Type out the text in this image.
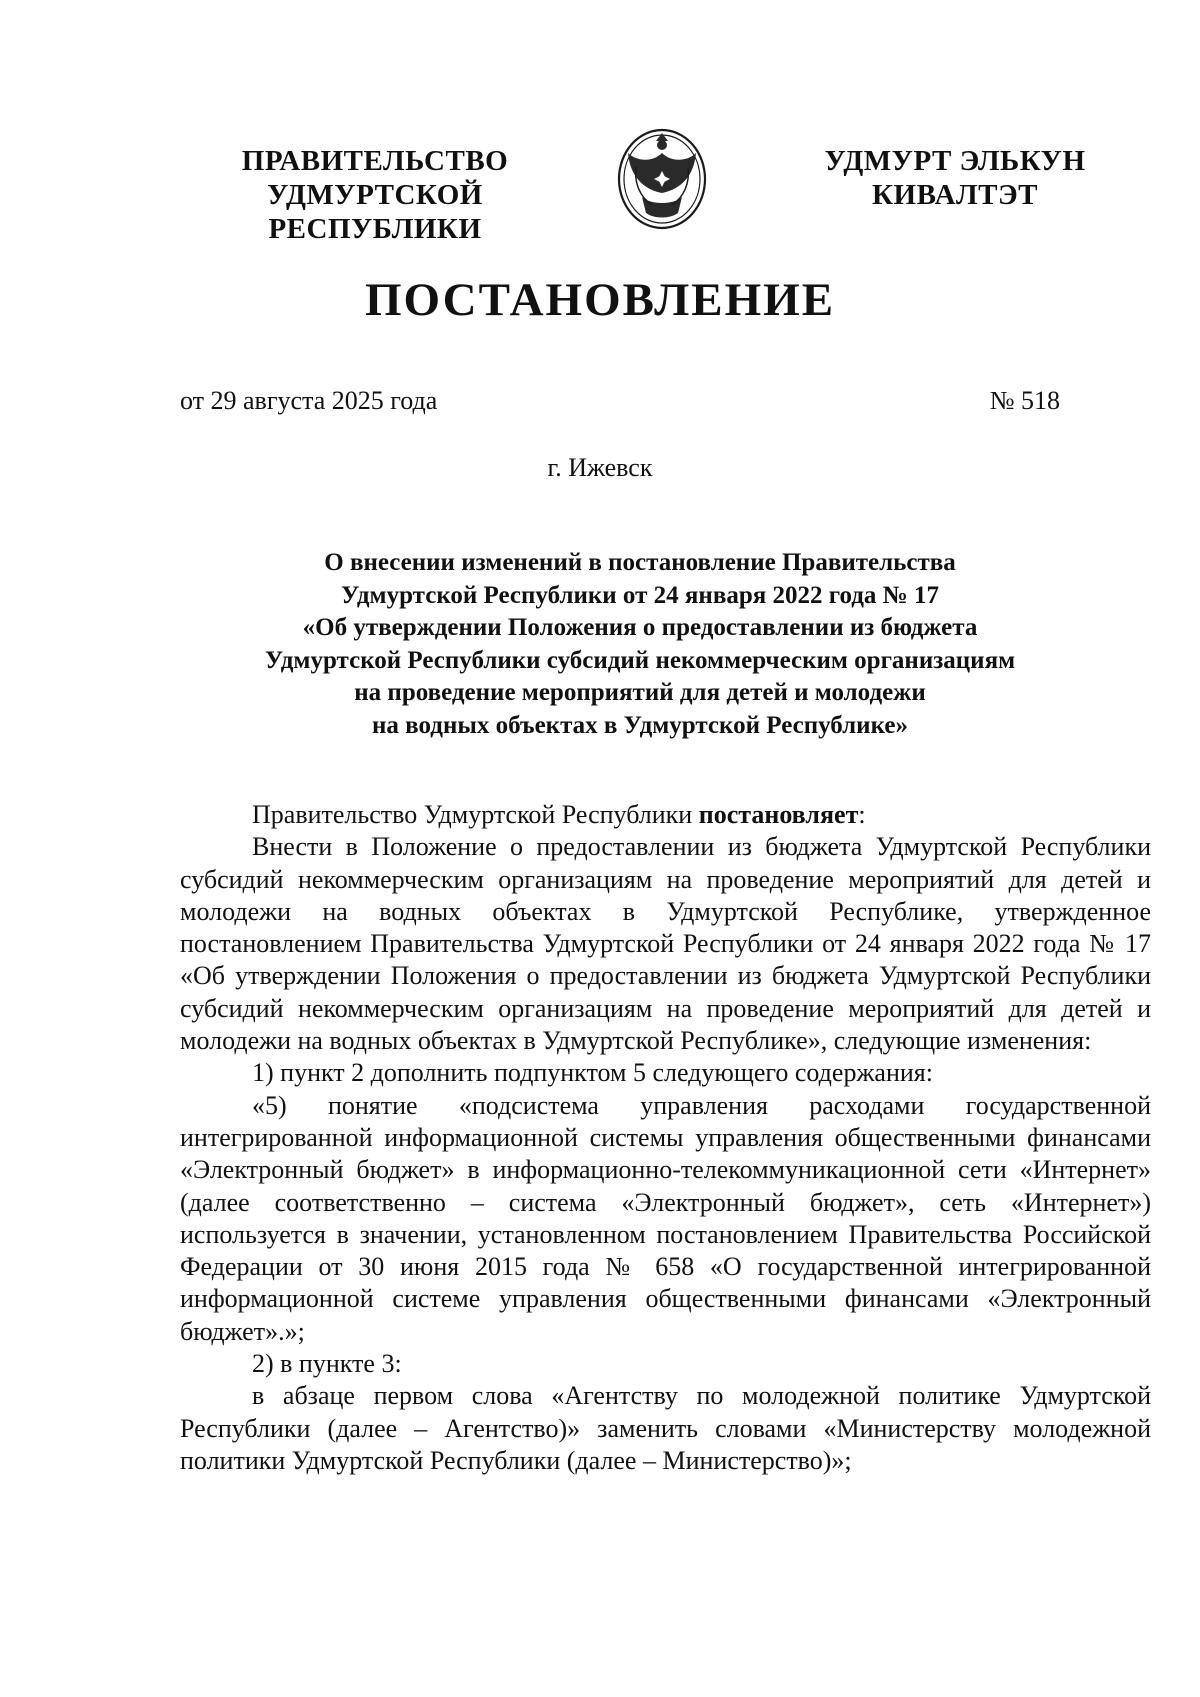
ПРАВИТЕЛЬСТВО
УДМУРТСКОЙ РЕСПУБЛИКИ
УДМУРТ ЭЛЬКУН
КИВАЛТЭТ
ПОСТАНОВЛЕНИЕ
от 29 августа 2025 года	№ 518
г. Ижевск
О внесении изменений в постановление Правительства
Удмуртской Республики от 24 января 2022 года № 17
«Об утверждении Положения о предоставлении из бюджета
Удмуртской Республики субсидий некоммерческим организациям
на проведение мероприятий для детей и молодежи
на водных объектах в Удмуртской Республике»

Правительство Удмуртской Республики постановляет:

Внести в Положение о предоставлении из бюджета Удмуртской Республики субсидий некоммерческим организациям на проведение мероприятий для детей и молодежи на водных объектах в Удмуртской Республике, утвержденное постановлением Правительства Удмуртской Республики от 24 января 2022 года № 17 «Об утверждении Положения о предоставлении из бюджета Удмуртской Республики субсидий некоммерческим организациям на проведение мероприятий для детей и молодежи на водных объектах в Удмуртской Республике», следующие изменения:

1) пункт 2 дополнить подпунктом 5 следующего содержания:

«5) понятие «подсистема управления расходами государственной интегрированной информационной системы управления общественными финансами «Электронный бюджет» в информационно-телекоммуникационной сети «Интернет» (далее соответственно – система «Электронный бюджет», сеть «Интернет») используется в значении, установленном постановлением Правительства Российской Федерации от 30 июня 2015 года № 658 «О государственной интегрированной информационной системе управления общественными финансами «Электронный бюджет».»;

2) в пункте 3:

в абзаце первом слова «Агентству по молодежной политике Удмуртской Республики (далее – Агентство)» заменить словами «Министерству молодежной политики Удмуртской Республики (далее – Министерство)»;
